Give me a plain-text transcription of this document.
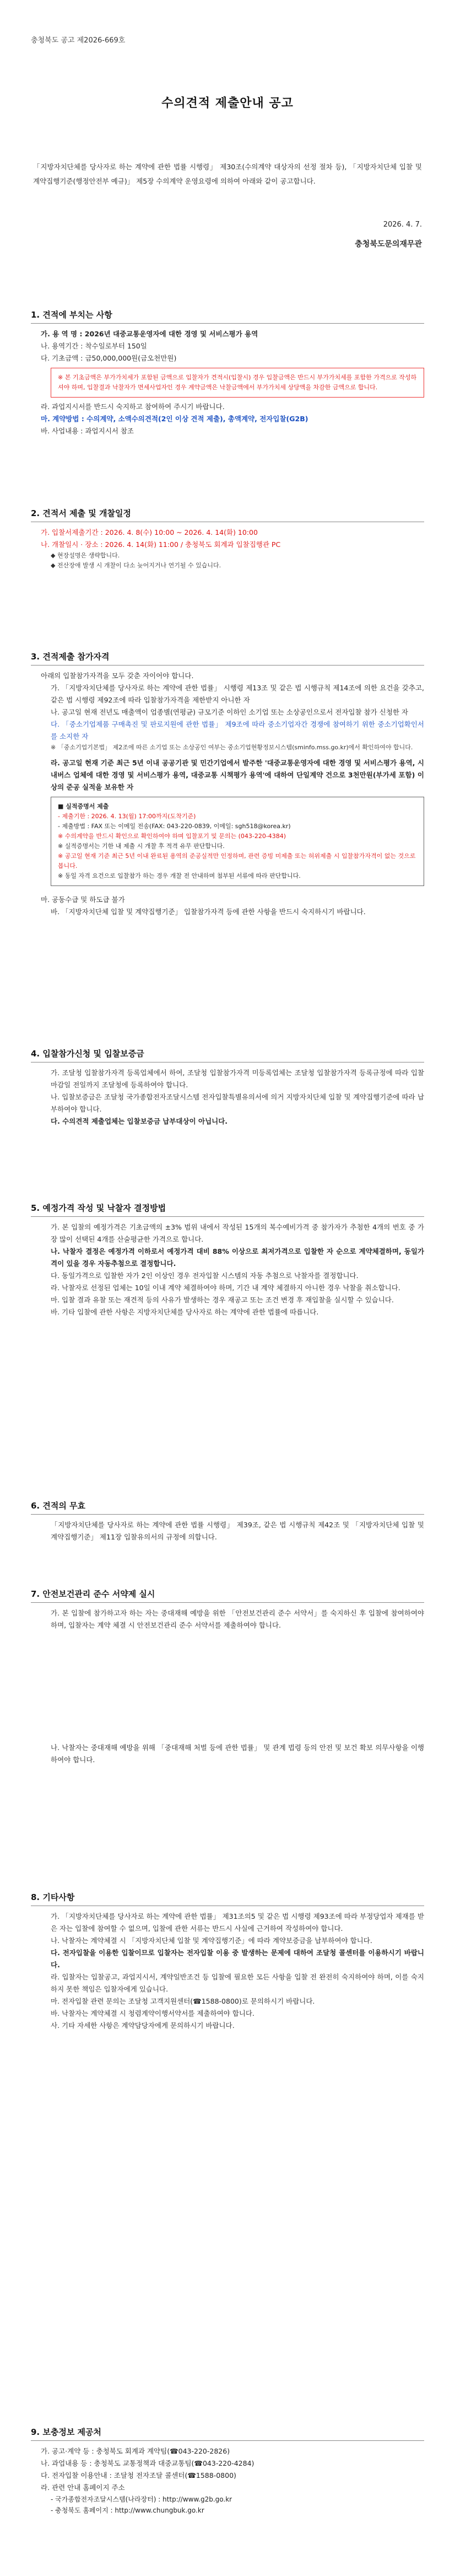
충청북도 공고 제2026-669호
수의견적 제출안내 공고
「지방자치단체를 당사자로 하는 계약에 관한 법률 시행령」 제30조(수의계약 대상자의 선정 절차 등), 「지방자치단체 입찰 및 계약집행기준(행정안전부 예규)」 제5장 수의계약 운영요령에 의하여 아래와 같이 공고합니다.
2026. 4. 7.
충청북도문의재무관
1. 견적에 부치는 사항
가. 용 역 명 : 2026년 대중교통운영자에 대한 경영 및 서비스평가 용역
나. 용역기간 : 착수일로부터 150일
다. 기초금액 : 금50,000,000원(금오천만원)
※ 본 기초금액은 부가가치세가 포함된 금액으로 입찰자가 견적시(입찰시) 경우 입찰금액은 반드시 부가가치세를 포함한 가격으로 작성하셔야 하며, 입찰결과 낙찰자가 면세사업자인 경우 계약금액은 낙찰금액에서 부가가치세 상당액을 차감한 금액으로 합니다.
라. 과업지시서를 반드시 숙지하고 참여하여 주시기 바랍니다.
마. 계약방법 : 수의계약, 소액수의견적(2인 이상 견적 제출), 총액계약, 전자입찰(G2B)
바. 사업내용 : 과업지시서 참조
2. 견적서 제출 및 개찰일정
가. 입찰서제출기간 : 2026. 4. 8(수) 10:00 ~ 2026. 4. 14(화) 10:00
나. 개찰일시 · 장소 : 2026. 4. 14(화) 11:00 / 충청북도 회계과 입찰집행관 PC
◆ 현장설명은 생략합니다.
◆ 전산장애 발생 시 개찰이 다소 늦어지거나 연기될 수 있습니다.
3. 견적제출 참가자격
아래의 입찰참가자격을 모두 갖춘 자이어야 합니다.
가. 「지방자치단체를 당사자로 하는 계약에 관한 법률」 시행령 제13조 및 같은 법 시행규칙 제14조에 의한 요건을 갖추고, 같은 법 시행령 제92조에 따라 입찰참가자격을 제한받지 아니한 자
나. 공고일 현재 전년도 매출액이 업종별(연평균) 규모기준 이하인 소기업 또는 소상공인으로서 전자입찰 참가 신청한 자
다. 「중소기업제품 구매촉진 및 판로지원에 관한 법률」 제9조에 따라 중소기업자간 경쟁에 참여하기 위한 중소기업확인서를 소지한 자
※ 「중소기업기본법」 제2조에 따른 소기업 또는 소상공인 여부는 중소기업현황정보시스템(sminfo.mss.go.kr)에서 확인하여야 합니다.
라. 공고일 현재 기준 최근 5년 이내 공공기관 및 민간기업에서 발주한 '대중교통운영자에 대한 경영 및 서비스평가 용역, 시내버스 업체에 대한 경영 및 서비스평가 용역, 대중교통 시책평가 용역'에 대하여 단일계약 건으로 3천만원(부가세 포함) 이상의 준공 실적을 보유한 자
■ 실적증명서 제출
- 제출기한 : 2026. 4. 13(월) 17:00까지(도착기준)
- 제출방법 : FAX 또는 이메일 전송(FAX: 043-220-0839, 이메일: sgh518@korea.kr)
※ 수의계약을 반드시 확인으로 확인하여야 하며 입찰포기 및 문의는 (043-220-4384)
※ 실적증명서는 기한 내 제출 시 개찰 후 적격 유무 판단합니다.
※ 공고일 현재 기준 최근 5년 이내 완료된 용역의 준공실적만 인정하며, 관련 증빙 미제출 또는 허위제출 시 입찰참가자격이 없는 것으로 봅니다.
※ 동일 자격 요건으로 입찰참가 하는 경우 개찰 전 안내하며 첨부된 서류에 따라 판단합니다.
마. 공동수급 및 하도급 불가
바. 「지방자치단체 입찰 및 계약집행기준」 입찰참가자격 등에 관한 사항을 반드시 숙지하시기 바랍니다.
4. 입찰참가신청 및 입찰보증금
가. 조달청 입찰참가자격 등록업체에서 하여, 조달청 입찰참가자격 미등록업체는 조달청 입찰참가자격 등록규정에 따라 입찰마감일 전일까지 조달청에 등록하여야 합니다.
나. 입찰보증금은 조달청 국가종합전자조달시스템 전자입찰특별유의서에 의거 지방자치단체 입찰 및 계약집행기준에 따라 납부하여야 합니다.
다. 수의견적 제출업체는 입찰보증금 납부대상이 아닙니다.
5. 예정가격 작성 및 낙찰자 결정방법
가. 본 입찰의 예정가격은 기초금액의 ±3% 범위 내에서 작성된 15개의 복수예비가격 중 참가자가 추첨한 4개의 번호 중 가장 많이 선택된 4개를 산술평균한 가격으로 합니다.
나. 낙찰자 결정은 예정가격 이하로서 예정가격 대비 88% 이상으로 최저가격으로 입찰한 자 순으로 계약체결하며, 동일가격이 있을 경우 자동추첨으로 결정합니다.
다. 동일가격으로 입찰한 자가 2인 이상인 경우 전자입찰 시스템의 자동 추첨으로 낙찰자를 결정합니다.
라. 낙찰자로 선정된 업체는 10일 이내 계약 체결하여야 하며, 기간 내 계약 체결하지 아니한 경우 낙찰을 취소합니다.
마. 입찰 결과 유찰 또는 재견적 등의 사유가 발생하는 경우 재공고 또는 조건 변경 후 재입찰을 실시할 수 있습니다.
바. 기타 입찰에 관한 사항은 지방자치단체를 당사자로 하는 계약에 관한 법률에 따릅니다.
6. 견적의 무효
「지방자치단체를 당사자로 하는 계약에 관한 법률 시행령」 제39조, 같은 법 시행규칙 제42조 및 「지방자치단체 입찰 및 계약집행기준」 제11장 입찰유의서의 규정에 의합니다.
7. 안전보건관리 준수 서약제 실시
가. 본 입찰에 참가하고자 하는 자는 중대재해 예방을 위한 「안전보건관리 준수 서약서」를 숙지하신 후 입찰에 참여하여야 하며, 입찰자는 계약 체결 시 안전보건관리 준수 서약서를 제출하여야 합니다.
나. 낙찰자는 중대재해 예방을 위해 「중대재해 처벌 등에 관한 법률」 및 관계 법령 등의 안전 및 보건 확보 의무사항을 이행하여야 합니다.
8. 기타사항
가. 「지방자치단체를 당사자로 하는 계약에 관한 법률」 제31조의5 및 같은 법 시행령 제93조에 따라 부정당업자 제재를 받은 자는 입찰에 참여할 수 없으며, 입찰에 관한 서류는 반드시 사실에 근거하여 작성하여야 합니다.
나. 낙찰자는 계약체결 시 「지방자치단체 입찰 및 계약집행기준」에 따라 계약보증금을 납부하여야 합니다.
다. 전자입찰을 이용한 입찰이므로 입찰자는 전자입찰 이용 중 발생하는 문제에 대하여 조달청 콜센터를 이용하시기 바랍니다.
라. 입찰자는 입찰공고, 과업지시서, 계약일반조건 등 입찰에 필요한 모든 사항을 입찰 전 완전히 숙지하여야 하며, 이를 숙지하지 못한 책임은 입찰자에게 있습니다.
마. 전자입찰 관련 문의는 조달청 고객지원센터(☎1588-0800)로 문의하시기 바랍니다.
바. 낙찰자는 계약체결 시 청렴계약이행서약서를 제출하여야 합니다.
사. 기타 자세한 사항은 계약담당자에게 문의하시기 바랍니다.
9. 보충정보 제공처
가. 공고·계약 등 : 충청북도 회계과 계약팀(☎043-220-2826)
나. 과업내용 등 : 충청북도 교통정책과 대중교통팀(☎043-220-4284)
다. 전자입찰 이용안내 : 조달청 전자조달 콜센터(☎1588-0800)
라. 관련 안내 홈페이지 주소
- 국가종합전자조달시스템(나라장터) : http://www.g2b.go.kr
- 충청북도 홈페이지 : http://www.chungbuk.go.kr
